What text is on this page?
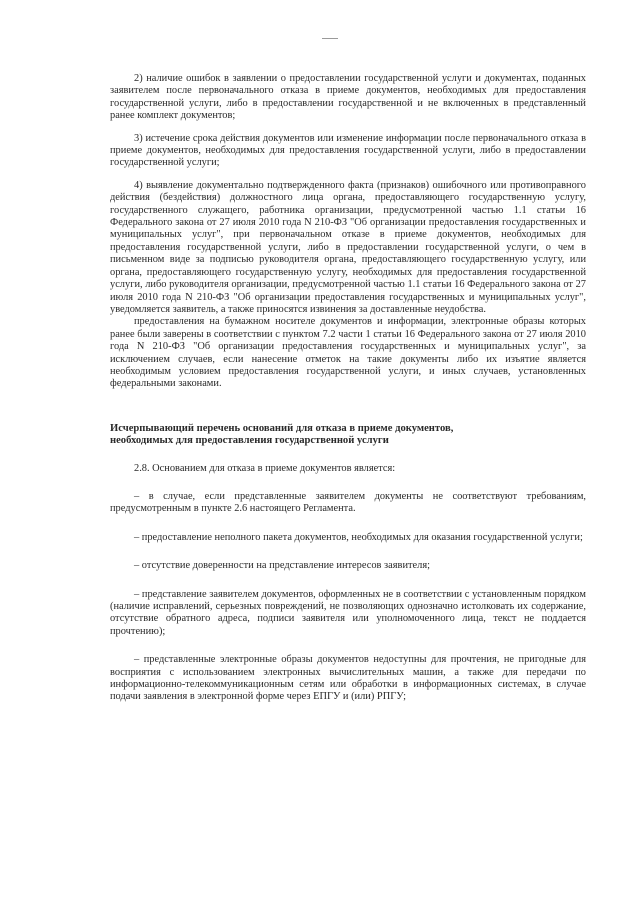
2) наличие ошибок в заявлении о предоставлении государственной услуги и документах, поданных заявителем после первоначального отказа в приеме документов, необходимых для предоставления государственной услуги, либо в предоставлении государственной и не включенных в представленный ранее комплект документов;

3) истечение срока действия документов или изменение информации после первоначального отказа в приеме документов, необходимых для предоставления государственной услуги, либо в предоставлении государственной услуги;

4) выявление документально подтвержденного факта (признаков) ошибочного или противоправного действия (бездействия) должностного лица органа, предоставляющего государственную услугу, государственного служащего, работника организации, предусмотренной частью 1.1 статьи 16 Федерального закона от 27 июля 2010 года N 210-ФЗ "Об организации предоставления государственных и муниципальных услуг", при первоначальном отказе в приеме документов, необходимых для предоставления государственной услуги, либо в предоставлении государственной услуги, о чем в письменном виде за подписью руководителя органа, предоставляющего государственную услугу, или органа, предоставляющего государственную услугу, необходимых для предоставления государственной услуги, либо руководителя организации, предусмотренной частью 1.1 статьи 16 Федерального закона от 27 июля 2010 года N 210-ФЗ "Об организации предоставления государственных и муниципальных услуг", уведомляется заявитель, а также приносятся извинения за доставленные неудобства.

предоставления на бумажном носителе документов и информации, электронные образы которых ранее были заверены в соответствии с пунктом 7.2 части 1 статьи 16 Федерального закона от 27 июля 2010 года N 210-ФЗ "Об организации предоставления государственных и муниципальных услуг", за исключением случаев, если нанесение отметок на такие документы либо их изъятие является необходимым условием предоставления государственной услуги, и иных случаев, установленных федеральными законами.

Исчерпывающий перечень оснований для отказа в приеме документов,
необходимых для предоставления государственной услуги

2.8. Основанием для отказа в приеме документов является:

– в случае, если представленные заявителем документы не соответствуют требованиям, предусмотренным в пункте 2.6 настоящего Регламента.

– предоставление неполного пакета документов, необходимых для оказания государственной услуги;

– отсутствие доверенности на представление интересов заявителя;

– представление заявителем документов, оформленных не в соответствии с установленным порядком (наличие исправлений, серьезных повреждений, не позволяющих однозначно истолковать их содержание, отсутствие обратного адреса, подписи заявителя или уполномоченного лица, текст не поддается прочтению);

– представленные электронные образы документов недоступны для прочтения, не пригодные для восприятия с использованием электронных вычислительных машин, а также для передачи по информационно-телекоммуникационным сетям или обработки в информационных системах, в случае подачи заявления в электронной форме через ЕПГУ и (или) РПГУ;
